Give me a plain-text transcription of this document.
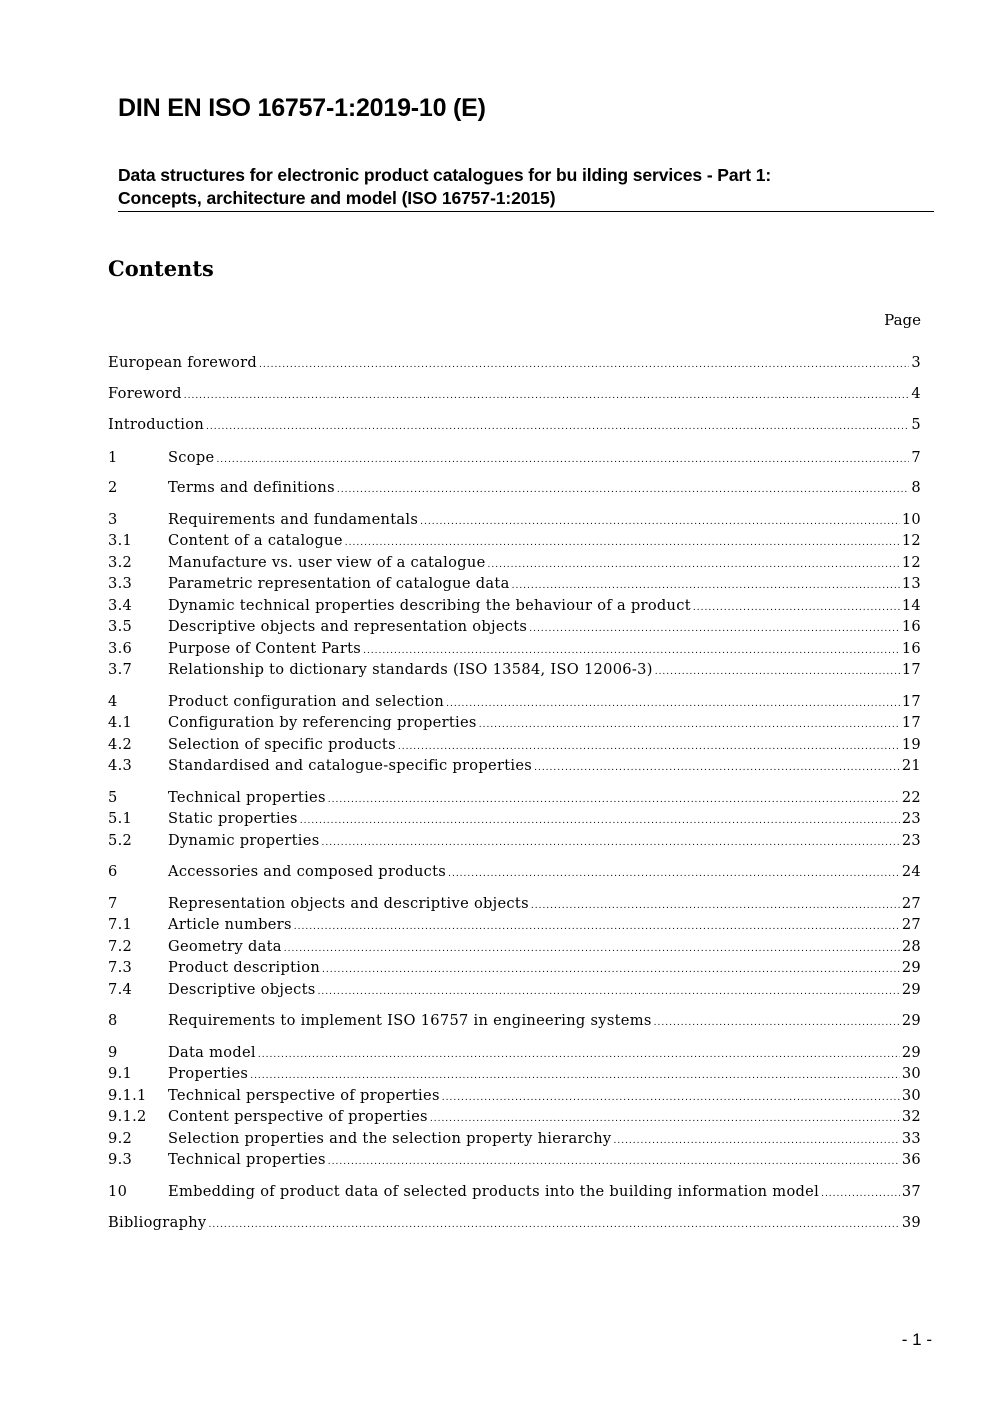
DIN EN ISO 16757-1:2019-10 (E)
Data structures for electronic product catalogues for bu ilding services - Part 1:
Concepts, architecture and model (ISO 16757-1:2015)
Contents
Page
European foreword .....	3
Foreword .....	4
Introduction .....	5
1	Scope .....	7
2	Terms and definitions .....	8
3	Requirements and fundamentals .....	10
3.1	Content of a catalogue .....	12
3.2	Manufacture vs. user view of a catalogue .....	12
3.3	Parametric representation of catalogue data .....	13
3.4	Dynamic technical properties describing the behaviour of a product .....	14
3.5	Descriptive objects and representation objects .....	16
3.6	Purpose of Content Parts .....	16
3.7	Relationship to dictionary standards (ISO 13584, ISO 12006-3) .....	17
4	Product configuration and selection .....	17
4.1	Configuration by referencing properties .....	17
4.2	Selection of specific products .....	19
4.3	Standardised and catalogue-specific properties .....	21
5	Technical properties .....	22
5.1	Static properties .....	23
5.2	Dynamic properties .....	23
6	Accessories and composed products .....	24
7	Representation objects and descriptive objects .....	27
7.1	Article numbers .....	27
7.2	Geometry data .....	28
7.3	Product description .....	29
7.4	Descriptive objects .....	29
8	Requirements to implement ISO 16757 in engineering systems .....	29
9	Data model .....	29
9.1	Properties .....	30
9.1.1	Technical perspective of properties .....	30
9.1.2	Content perspective of properties .....	32
9.2	Selection properties and the selection property hierarchy .....	33
9.3	Technical properties .....	36
10	Embedding of product data of selected products into the building information model .....	37
Bibliography .....	39
- 1 -
